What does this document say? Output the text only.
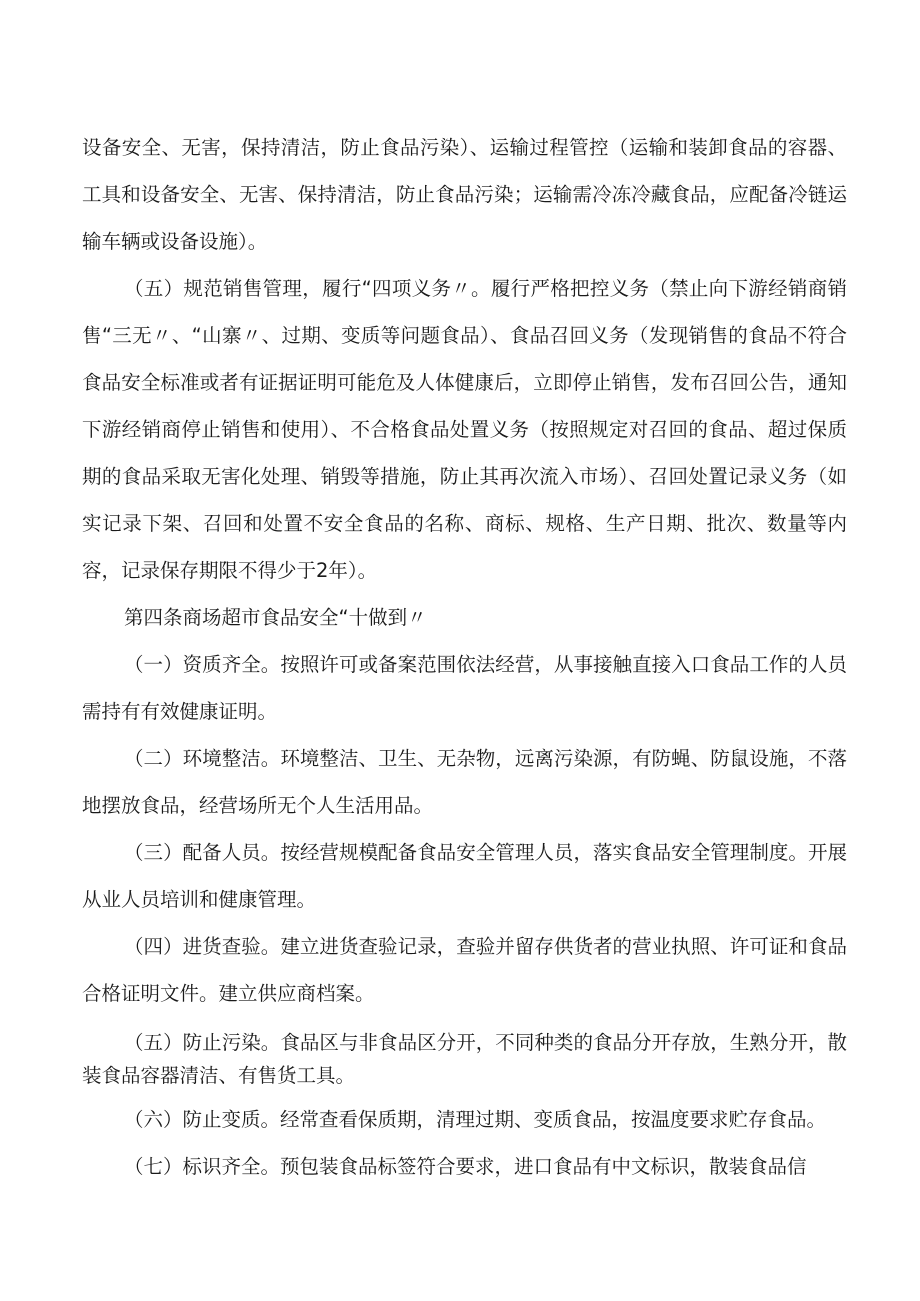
设备安全、无害，保持清洁，防止食品污染）、运输过程管控（运输和装卸食品的容器、工具和设备安全、无害、保持清洁，防止食品污染；运输需冷冻冷藏食品，应配备冷链运输车辆或设备设施）。

（五）规范销售管理，履行“四项义务〃。履行严格把控义务（禁止向下游经销商销售“三无〃、“山寨〃、过期、变质等问题食品）、食品召回义务（发现销售的食品不符合食品安全标准或者有证据证明可能危及人体健康后，立即停止销售，发布召回公告，通知下游经销商停止销售和使用）、不合格食品处置义务（按照规定对召回的食品、超过保质期的食品采取无害化处理、销毁等措施，防止其再次流入市场）、召回处置记录义务（如实记录下架、召回和处置不安全食品的名称、商标、规格、生产日期、批次、数量等内容，记录保存期限不得少于2年）。

第四条商场超市食品安全“十做到〃

（一）资质齐全。按照许可或备案范围依法经营，从事接触直接入口食品工作的人员需持有有效健康证明。

（二）环境整洁。环境整洁、卫生、无杂物，远离污染源，有防蝇、防鼠设施，不落地摆放食品，经营场所无个人生活用品。

（三）配备人员。按经营规模配备食品安全管理人员，落实食品安全管理制度。开展从业人员培训和健康管理。

（四）进货查验。建立进货查验记录，查验并留存供货者的营业执照、许可证和食品合格证明文件。建立供应商档案。

（五）防止污染。食品区与非食品区分开，不同种类的食品分开存放，生熟分开，散装食品容器清洁、有售货工具。

（六）防止变质。经常查看保质期，清理过期、变质食品，按温度要求贮存食品。

（七）标识齐全。预包装食品标签符合要求，进口食品有中文标识，散装食品信
